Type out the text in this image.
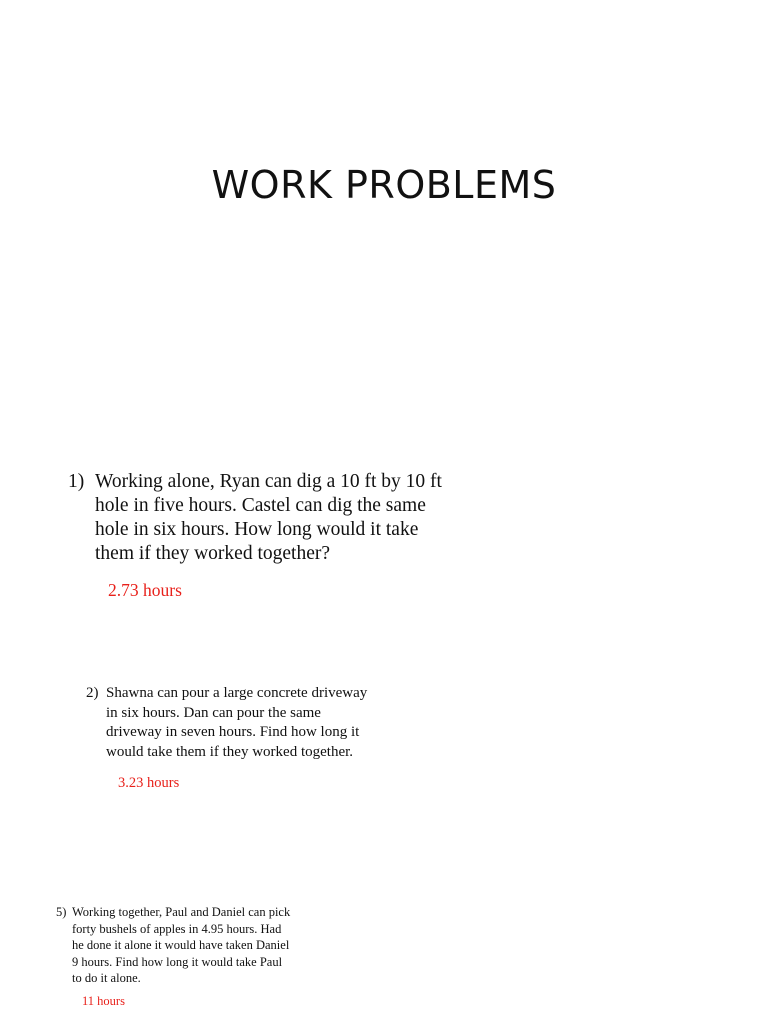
WORK PROBLEMS
1) Working alone, Ryan can dig a 10 ft by 10 ft
hole in five hours. Castel can dig the same
hole in six hours. How long would it take
them if they worked together?
2.73 hours
2) Shawna can pour a large concrete driveway
in six hours. Dan can pour the same
driveway in seven hours. Find how long it
would take them if they worked together.
3.23 hours
5) Working together, Paul and Daniel can pick
forty bushels of apples in 4.95 hours. Had
he done it alone it would have taken Daniel
9 hours. Find how long it would take Paul
to do it alone.
11 hours
